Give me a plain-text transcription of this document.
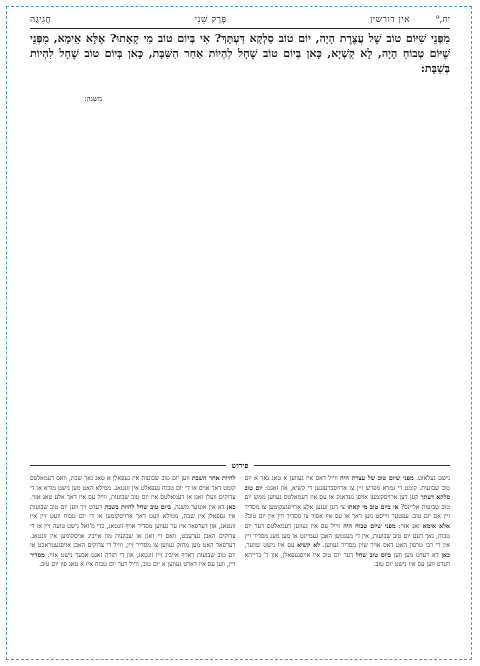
יח,⁹
אין דורשין
פֶּרֶק שֵׁנִי
חֲגִיגָה
מִפְּנֵי שִׁיּוֹם טוֹב שֶׁל עֲצֶרֶת הָיָה, יוֹם טוֹב סַלְקָא דַּעְתָּךְ? אִי בְּיוֹם טוֹב מִי קָאָתוּ? אֶלָּא אֵימָא, מִפְּנֵי שֶׁיּוֹם טְבוֹחַ הָיָה, לָא קַשְׁיָא, כָּאן בְּיוֹם טוֹב שֶׁחָל לִהְיוֹת אַחַר הַשַּׁבָּת, כָּאן בְּיוֹם טוֹב שֶׁחָל לִהְיוֹת בְּשַׁבָּת:
משנה:
פירוש
נישט געלאזט. מפני שיום טוב של עצרת היה ווייל דאס איז געווען א טאג נאך א יום טוב שבועות. קומט די גמרא מפרש זיין צו ארויסברענגען די קשיא, און זאגט: יום טוב סלקא דעתך קען דען ארויסקומען אויפן געדאנק אז עס איז דעמאלטס געווען ממש יום טוב שבועות אליינס? אי ביום טוב מי קאתו צי דען זענען אלע ארויפגעקומען צו מסדיר זיין אם יום טוב. עפטער ווייסט מען דאך או עס איז אסור צו מסדיר זיין אין יום טוב? אלא אימא זאג אזוי: מפני שיום טבוח היה ווייל עס איז געווען דעמאלטס דער יום טבוח, נאך דעם יום טוב שבועות, אין די מענטשן האבן געמיינט או מען מעג מסדיר זיין אין די רבי טרפון האט דאס אויך שוין מסדיר געווען. לא קשיא עס איז נישט שווער, כאן דא רעדט מען ווען ביום טוב שחל דער יום טוב איז אויסגעפאלן, און ד' ברייתא רעדט ווען עס איז נישט יום טוב.
להיות אחר השבת ווען יום טוב שבועות איז געפאלן א טאג נאך שבת, וואס דעמאלטס קומט דאך אויס או די יום טבוח געפאלט אין זונטאג. ממילא האט מען נישט מורא או די צדוקים וועלן זאגן או דעמאלטס איז יום טוב שבועות, ווייל עס איז דאך אלע טאג אזוי. כאן דא אין אונזער משנה, ביום טוב שחל להיות בשבת רעדט זיך ווען יום טוב שבועות איז געפאלן אין שבת, ממילא וועט דאך ארויסקומען או די יום טבוח וועט זיין אין זונטאג, און דערפאר איז ער געווען מסדיר אויף זונטאג, כדי מ'זאל נישט טועה זיין או די צדוקים האבן גערעכט, וואס זיי זאגן או שבועות מוז אייביג אויסקומען אין זונטאג. דערפאר האט מען מחזק געווען צו מסדיר זיין, ווייל די צדוקים האבן אויסגעטראכט או יום טוב שבועות דארף אייביג זיין זונטאג, און די תורה זאגט אבער נישט אזוי. מסדיר זיין, ווען עס איז דארט געווען א יום טוב, ווייל דער יום טבוח איז א טאג פון יום טוב.
